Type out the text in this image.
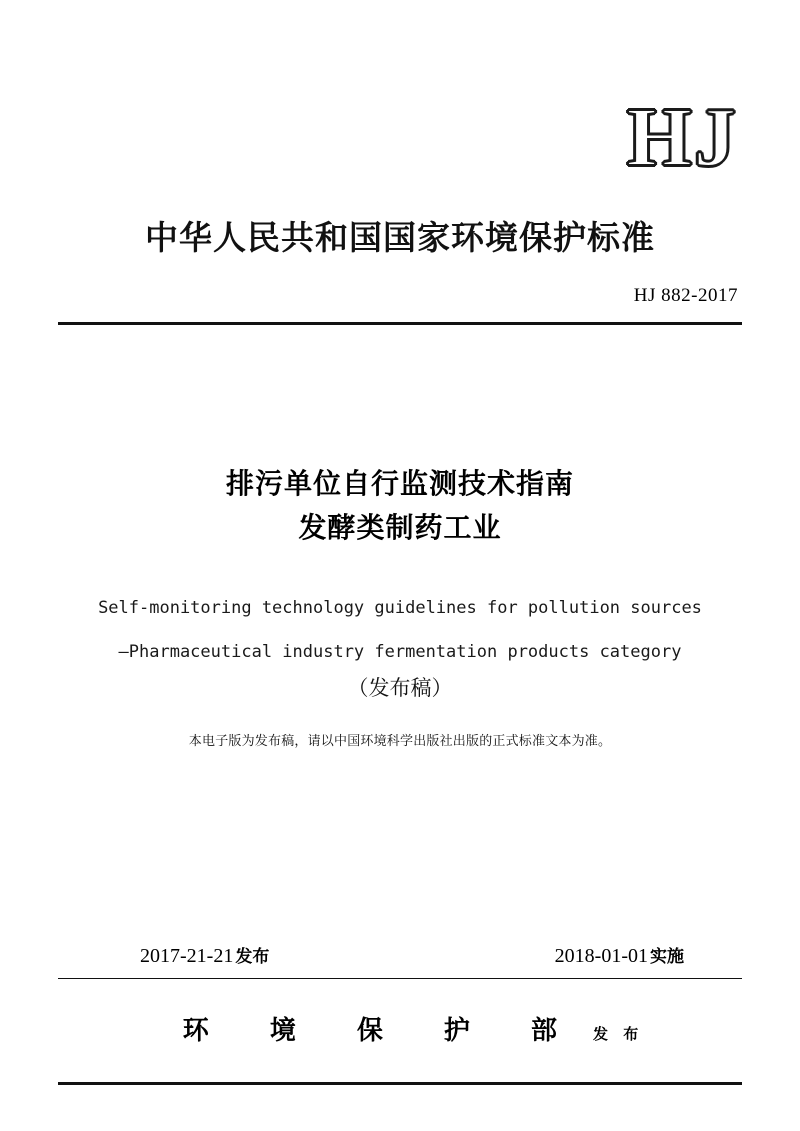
HJ
中华人民共和国国家环境保护标准
HJ 882-2017
排污单位自行监测技术指南
发酵类制药工业
Self-monitoring technology guidelines for pollution sources
—Pharmaceutical industry fermentation products category
（发布稿）
本电子版为发布稿，请以中国环境科学出版社出版的正式标准文本为准。
2017-21-21 发布	2018-01-01 实施
环 境 保 护 部 发 布
